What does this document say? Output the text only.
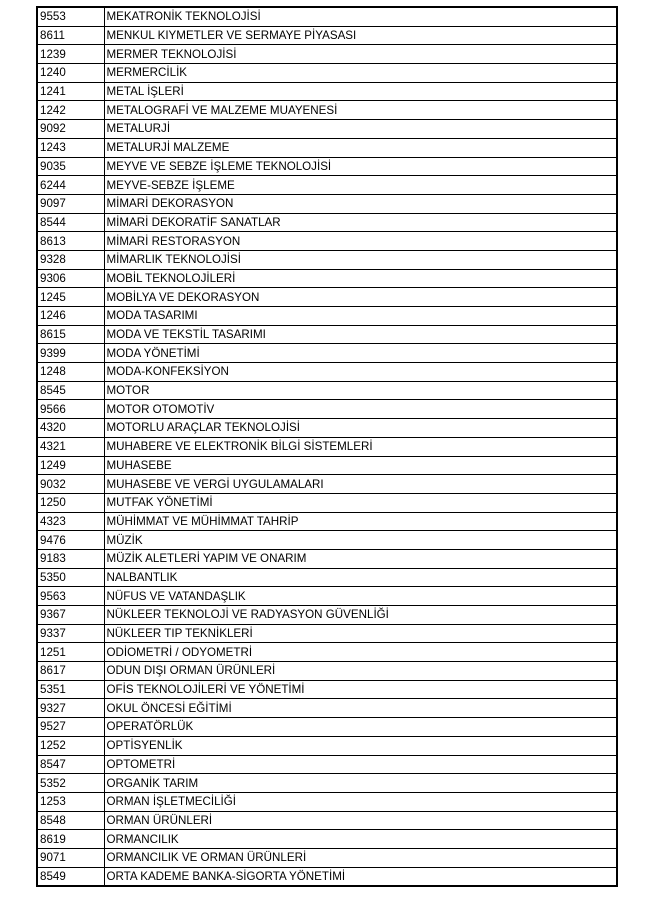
9553	MEKATRONİK TEKNOLOJİSİ
8611	MENKUL KIYMETLER VE SERMAYE PİYASASI
1239	MERMER TEKNOLOJİSİ
1240	MERMERCİLİK
1241	METAL İŞLERİ
1242	METALOGRAFİ VE MALZEME MUAYENESİ
9092	METALURJİ
1243	METALURJİ MALZEME
9035	MEYVE VE SEBZE İŞLEME TEKNOLOJİSİ
6244	MEYVE-SEBZE İŞLEME
9097	MİMARİ DEKORASYON
8544	MİMARİ DEKORATİF SANATLAR
8613	MİMARİ RESTORASYON
9328	MİMARLIK TEKNOLOJİSİ
9306	MOBİL TEKNOLOJİLERİ
1245	MOBİLYA VE DEKORASYON
1246	MODA TASARIMI
8615	MODA VE TEKSTİL TASARIMI
9399	MODA YÖNETİMİ
1248	MODA-KONFEKSİYON
8545	MOTOR
9566	MOTOR OTOMOTİV
4320	MOTORLU ARAÇLAR TEKNOLOJİSİ
4321	MUHABERE VE ELEKTRONİK BİLGİ SİSTEMLERİ
1249	MUHASEBE
9032	MUHASEBE VE VERGİ UYGULAMALARI
1250	MUTFAK YÖNETİMİ
4323	MÜHİMMAT VE MÜHİMMAT TAHRİP
9476	MÜZİK
9183	MÜZİK ALETLERİ YAPIM VE ONARIM
5350	NALBANTLIK
9563	NÜFUS VE VATANDAŞLIK
9367	NÜKLEER TEKNOLOJİ VE RADYASYON GÜVENLİĞİ
9337	NÜKLEER TIP TEKNİKLERİ
1251	ODİOMETRİ / ODYOMETRİ
8617	ODUN DIŞI ORMAN ÜRÜNLERİ
5351	OFİS TEKNOLOJİLERİ VE YÖNETİMİ
9327	OKUL ÖNCESİ EĞİTİMİ
9527	OPERATÖRLÜK
1252	OPTİSYENLİK
8547	OPTOMETRİ
5352	ORGANİK TARIM
1253	ORMAN İŞLETMECİLİĞİ
8548	ORMAN ÜRÜNLERİ
8619	ORMANCILIK
9071	ORMANCILIK VE ORMAN ÜRÜNLERİ
8549	ORTA KADEME BANKA-SİGORTA YÖNETİMİ
